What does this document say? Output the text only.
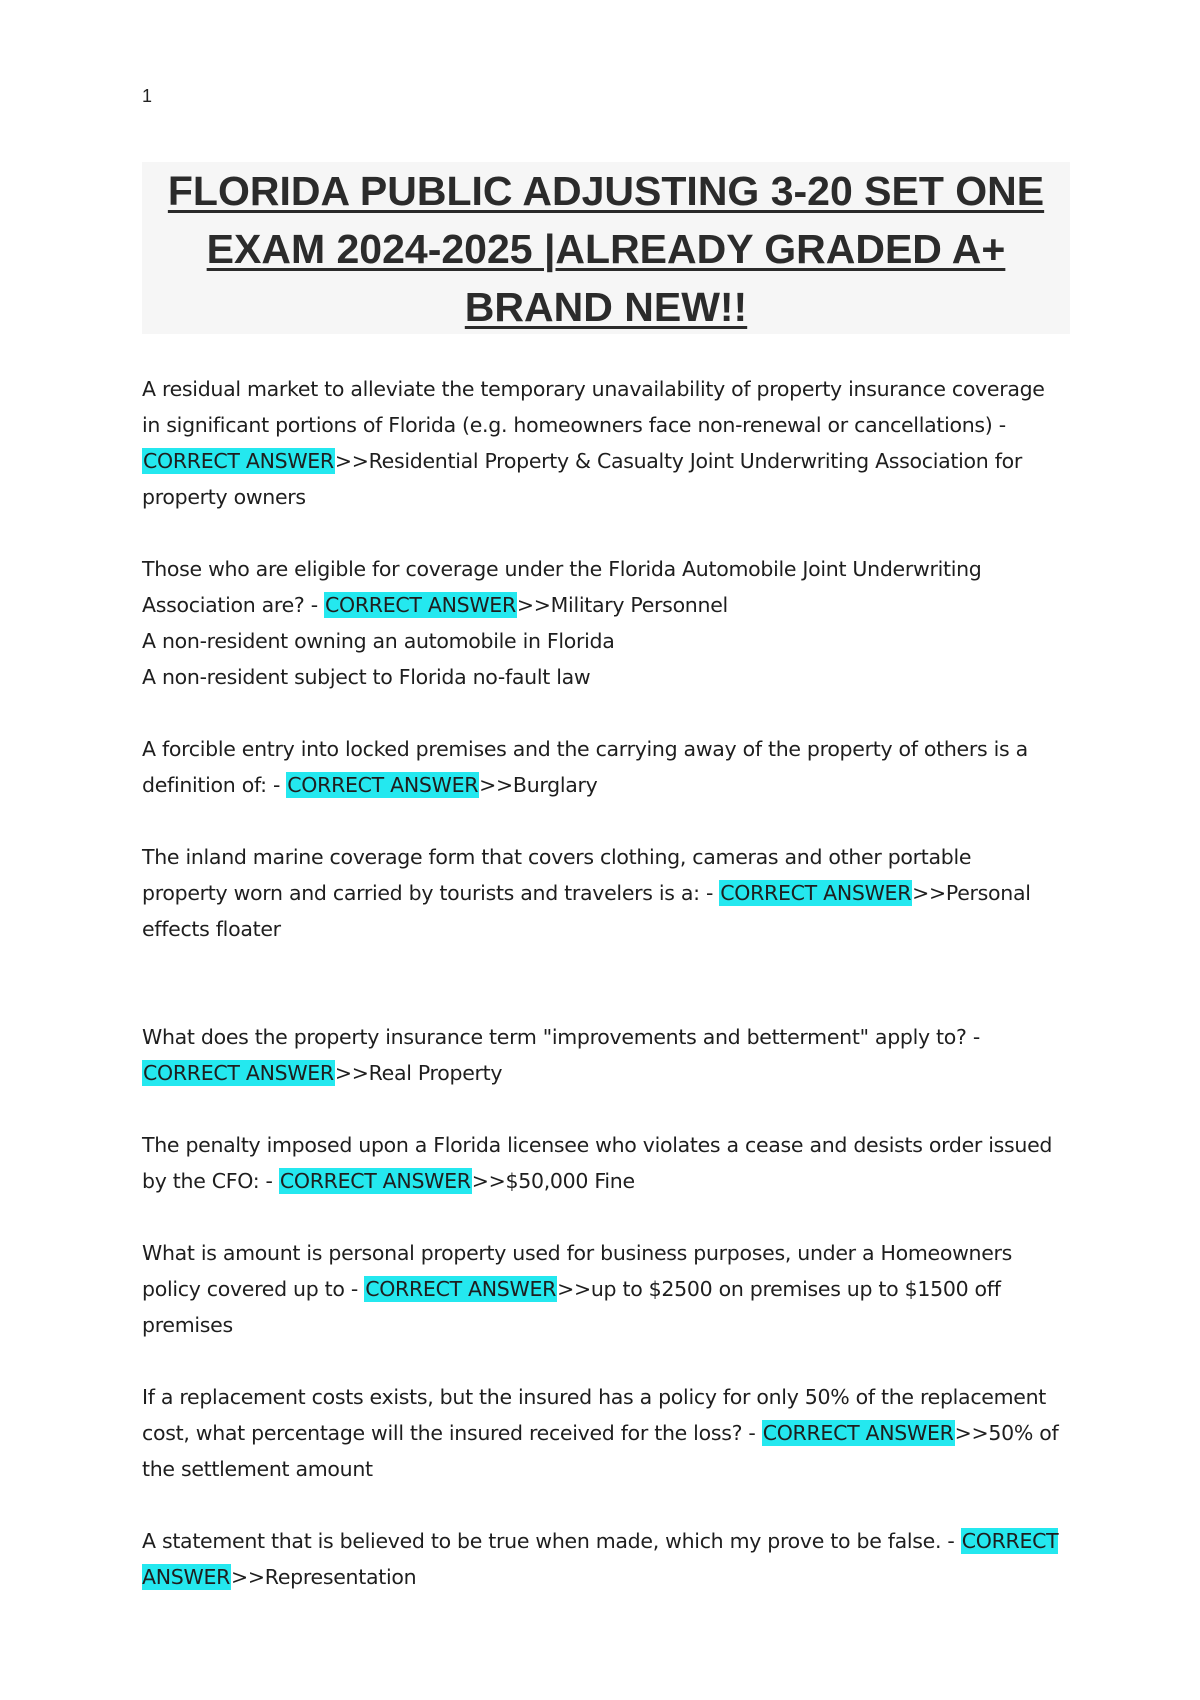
1
FLORIDA PUBLIC ADJUSTING 3-20 SET ONE EXAM 2024-2025 |ALREADY GRADED A+ BRAND NEW!!

A residual market to alleviate the temporary unavailability of property insurance coverage in significant portions of Florida (e.g. homeowners face non-renewal or cancellations) - CORRECT ANSWER>>Residential Property & Casualty Joint Underwriting Association for property owners

Those who are eligible for coverage under the Florida Automobile Joint Underwriting Association are? - CORRECT ANSWER>>Military Personnel
A non-resident owning an automobile in Florida
A non-resident subject to Florida no-fault law

A forcible entry into locked premises and the carrying away of the property of others is a definition of: - CORRECT ANSWER>>Burglary

The inland marine coverage form that covers clothing, cameras and other portable property worn and carried by tourists and travelers is a: - CORRECT ANSWER>>Personal effects floater

What does the property insurance term "improvements and betterment" apply to? - CORRECT ANSWER>>Real Property

The penalty imposed upon a Florida licensee who violates a cease and desists order issued by the CFO: - CORRECT ANSWER>>$50,000 Fine

What is amount is personal property used for business purposes, under a Homeowners policy covered up to - CORRECT ANSWER>>up to $2500 on premises up to $1500 off premises

If a replacement costs exists, but the insured has a policy for only 50% of the replacement cost, what percentage will the insured received for the loss? - CORRECT ANSWER>>50% of the settlement amount

A statement that is believed to be true when made, which my prove to be false. - CORRECT ANSWER>>Representation
